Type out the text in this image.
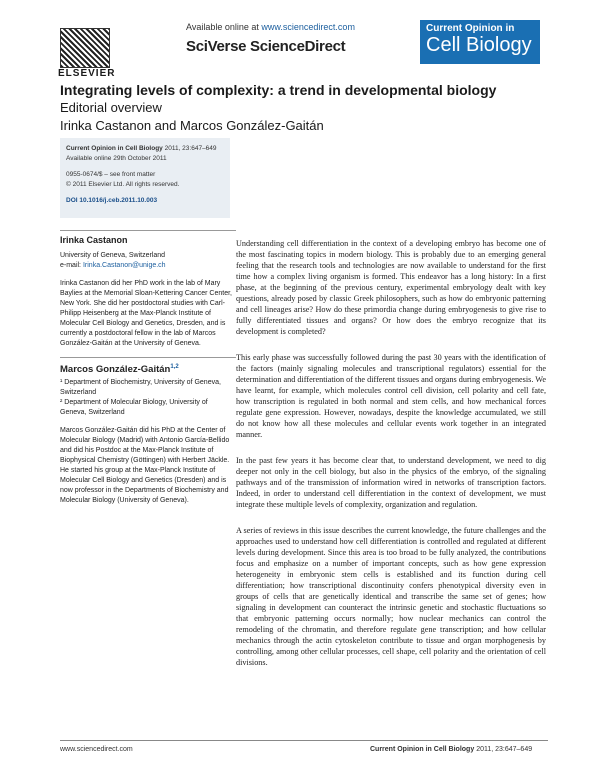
ELSEVIER
Available online at www.sciencedirect.com
SciVerse ScienceDirect
Current Opinion in
Cell Biology
Integrating levels of complexity: a trend in developmental biology
Editorial overview
Irinka Castanon and Marcos González-Gaitán
Current Opinion in Cell Biology 2011, 23:647–649
Available online 29th October 2011
0955-0674/$ – see front matter
© 2011 Elsevier Ltd. All rights reserved.
DOI 10.1016/j.ceb.2011.10.003
Irinka Castanon

University of Geneva, Switzerland
e-mail: Irinka.Castanon@unige.ch

Irinka Castanon did her PhD work in the lab of Mary Baylies at the Memorial Sloan-Kettering Cancer Center, New York. She did her postdoctoral studies with Carl-Philipp Heisenberg at the Max-Planck Institute of Molecular Cell Biology and Genetics, Dresden, and is currently a postdoctoral fellow in the lab of Marcos González-Gaitán at the University of Geneva.

Marcos González-Gaitán$^{1,2}$

¹ Department of Biochemistry, University of Geneva, Switzerland
² Department of Molecular Biology, University of Geneva, Switzerland

Marcos González-Gaitán did his PhD at the Center of Molecular Biology (Madrid) with Antonio García-Bellido and did his Postdoc at the Max-Planck Institute of Biophysical Chemistry (Göttingen) with Herbert Jäckle. He started his group at the Max-Planck Institute of Molecular Cell Biology and Genetics (Dresden) and is now professor in the Departments of Biochemistry and Molecular Biology (University of Geneva).

Understanding cell differentiation in the context of a developing embryo has become one of the most fascinating topics in modern biology. This is probably due to an emerging general feeling that the research tools and technologies are now available to understand for the first time how a complex living organism is formed. This endeavor has a long history: In a first phase, at the beginning of the previous century, experimental embryology dealt with key questions, already posed by classic Greek philosophers, such as how do embryonic patterning and cell lineages arise? How do these primordia change during embryogenesis to give rise to fully differentiated tissues and organs? Or how does the embryo recognize that its development is completed?

This early phase was successfully followed during the past 30 years with the identification of the factors (mainly signaling molecules and transcriptional regulators) essential for the determination and differentiation of the different tissues and organs during embryogenesis. We have learnt, for example, which molecules control cell division, cell polarity and cell fate, how transcription is regulated in both normal and stem cells, and how mechanical forces regulate gene expression. However, nowadays, despite the knowledge accumulated, we still do not know how all these molecules and cellular events work together in an integrated manner.

In the past few years it has become clear that, to understand development, we need to dig deeper not only in the cell biology, but also in the physics of the embryo, of the signaling pathways and of the transmission of information wired in networks of transcription factors. Indeed, in order to understand cell differentiation in the context of development, we must integrate these multiple levels of complexity, organization and regulation.

A series of reviews in this issue describes the current knowledge, the future challenges and the approaches used to understand how cell differentiation is controlled and regulated at different levels during development. Since this area is too broad to be fully analyzed, the contributions focus and emphasize on a number of important concepts, such as how gene expression heterogeneity in embryonic stem cells is established and its function during cell differentiation; how transcriptional discontinuity confers phenotypical diversity even in groups of cells that are genetically identical and transcribe the same set of genes; how signaling in development can counteract the intrinsic genetic and stochastic fluctuations so that embryonic patterning occurs normally; how nuclear mechanics can control the remodeling of the chromatin, and therefore regulate gene transcription; and how cellular mechanics through the actin cytoskeleton contribute to tissue and organ morphogenesis by controlling, among other cellular processes, cell shape, cell polarity and the orientation of cell divisions.

www.sciencedirect.com	Current Opinion in Cell Biology 2011, 23:647–649
